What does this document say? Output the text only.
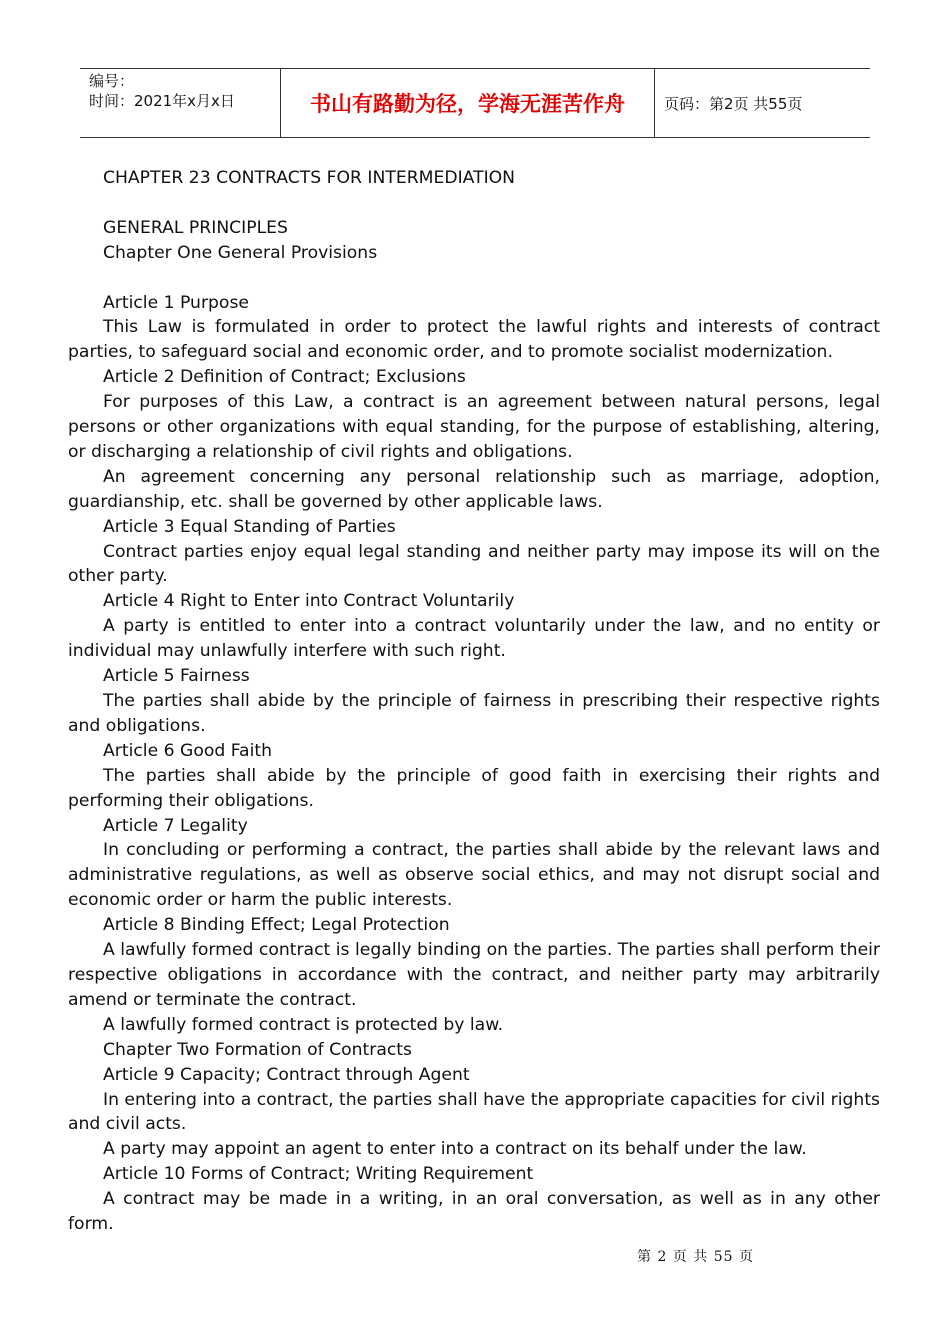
编号：
时间：2021年x月x日	书山有路勤为径，学海无涯苦作舟	页码：第2页 共55页

CHAPTER 23 CONTRACTS FOR INTERMEDIATION

GENERAL PRINCIPLES

Chapter One General Provisions

Article 1 Purpose

This Law is formulated in order to protect the lawful rights and interests of contract parties, to safeguard social and economic order, and to promote socialist modernization.

Article 2 Definition of Contract; Exclusions

For purposes of this Law, a contract is an agreement between natural persons, legal persons or other organizations with equal standing, for the purpose of establishing, altering, or discharging a relationship of civil rights and obligations.

An agreement concerning any personal relationship such as marriage, adoption, guardianship, etc. shall be governed by other applicable laws.

Article 3 Equal Standing of Parties

Contract parties enjoy equal legal standing and neither party may impose its will on the other party.

Article 4 Right to Enter into Contract Voluntarily

A party is entitled to enter into a contract voluntarily under the law, and no entity or individual may unlawfully interfere with such right.

Article 5 Fairness

The parties shall abide by the principle of fairness in prescribing their respective rights and obligations.

Article 6 Good Faith

The parties shall abide by the principle of good faith in exercising their rights and performing their obligations.

Article 7 Legality

In concluding or performing a contract, the parties shall abide by the relevant laws and administrative regulations, as well as observe social ethics, and may not disrupt social and economic order or harm the public interests.

Article 8 Binding Effect; Legal Protection

A lawfully formed contract is legally binding on the parties. The parties shall perform their respective obligations in accordance with the contract, and neither party may arbitrarily amend or terminate the contract.

A lawfully formed contract is protected by law.

Chapter Two Formation of Contracts

Article 9 Capacity; Contract through Agent

In entering into a contract, the parties shall have the appropriate capacities for civil rights and civil acts.

A party may appoint an agent to enter into a contract on its behalf under the law.

Article 10 Forms of Contract; Writing Requirement

A contract may be made in a writing, in an oral conversation, as well as in any other form.

第 2 页 共 55 页
